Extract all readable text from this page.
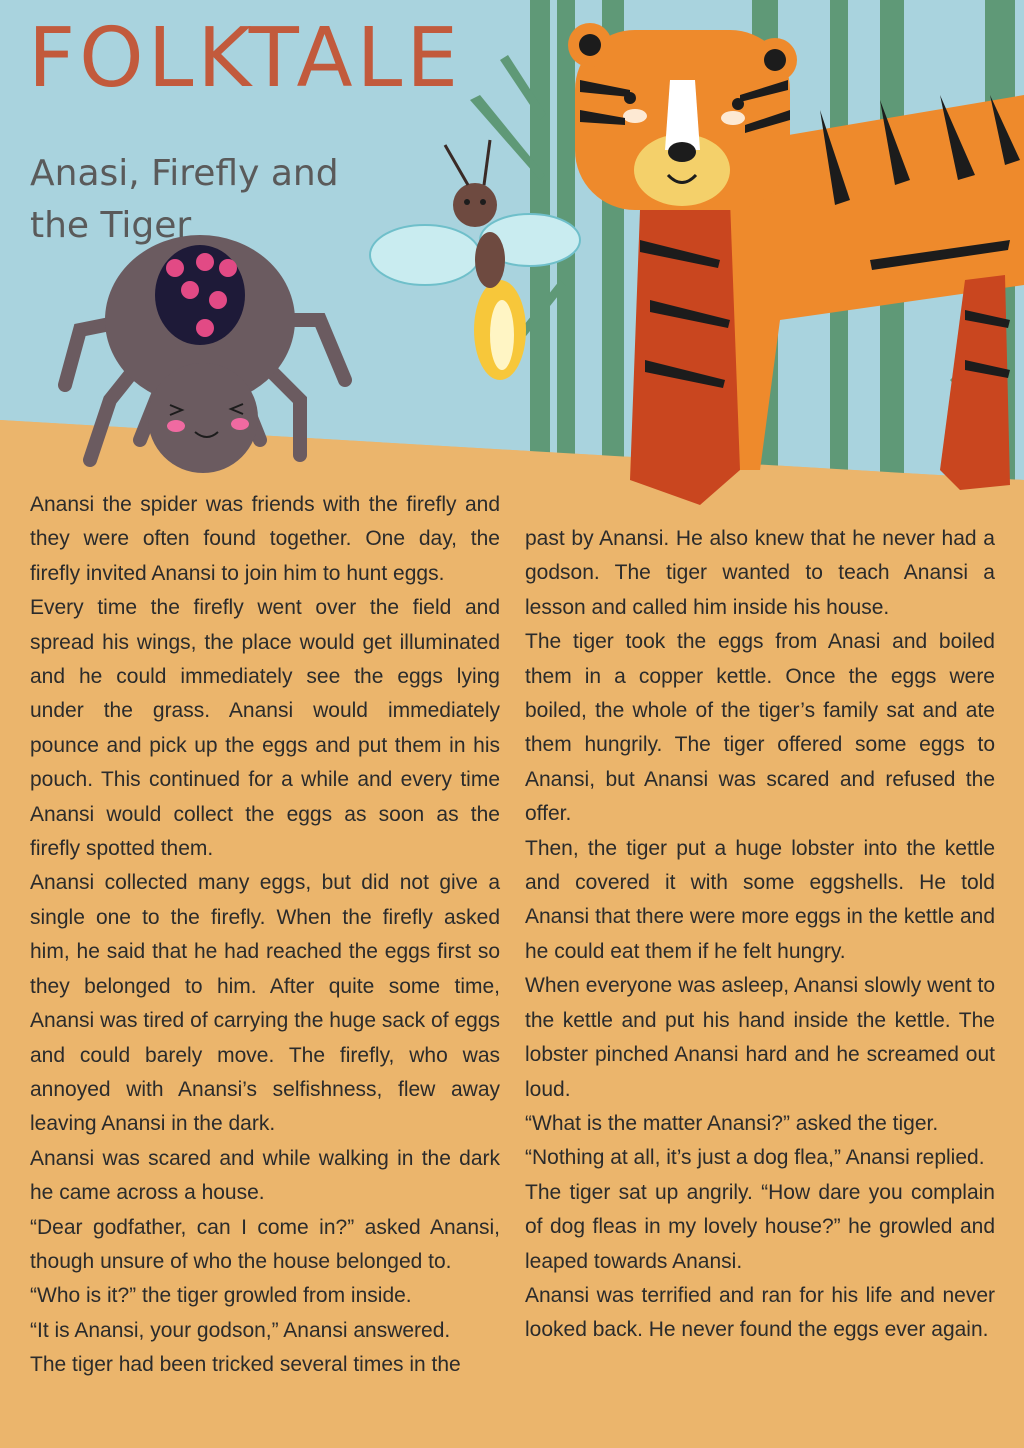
FOLKTALE
Anasi, Firefly and the Tiger

Anansi the spider was friends with the firefly and they were often found together. One day, the firefly invited Anansi to join him to hunt eggs.

Every time the firefly went over the field and spread his wings, the place would get illuminated and he could immediately see the eggs lying under the grass. Anansi would immediately pounce and pick up the eggs and put them in his pouch. This continued for a while and every time Anansi would collect the eggs as soon as the firefly spotted them.

Anansi collected many eggs, but did not give a single one to the firefly. When the firefly asked him, he said that he had reached the eggs first so they belonged to him. After quite some time, Anansi was tired of carrying the huge sack of eggs and could barely move. The firefly, who was annoyed with Anansi’s selfishness, flew away leaving Anansi in the dark.

Anansi was scared and while walking in the dark he came across a house.

“Dear godfather, can I come in?” asked Anansi, though unsure of who the house belonged to.

“Who is it?” the tiger growled from inside.

“It is Anansi, your godson,” Anansi answered.

The tiger had been tricked several times in the

past by Anansi. He also knew that he never had a godson. The tiger wanted to teach Anansi a lesson and called him inside his house.

The tiger took the eggs from Anasi and boiled them in a copper kettle. Once the eggs were boiled, the whole of the tiger’s family sat and ate them hungrily. The tiger offered some eggs to Anansi, but Anansi was scared and refused the offer.

Then, the tiger put a huge lobster into the kettle and covered it with some eggshells. He told Anansi that there were more eggs in the kettle and he could eat them if he felt hungry.

When everyone was asleep, Anansi slowly went to the kettle and put his hand inside the kettle. The lobster pinched Anansi hard and he screamed out loud.

“What is the matter Anansi?” asked the tiger.

“Nothing at all, it’s just a dog flea,” Anansi replied.

The tiger sat up angrily. “How dare you complain of dog fleas in my lovely house?” he growled and leaped towards Anansi.

Anansi was terrified and ran for his life and never looked back. He never found the eggs ever again.
